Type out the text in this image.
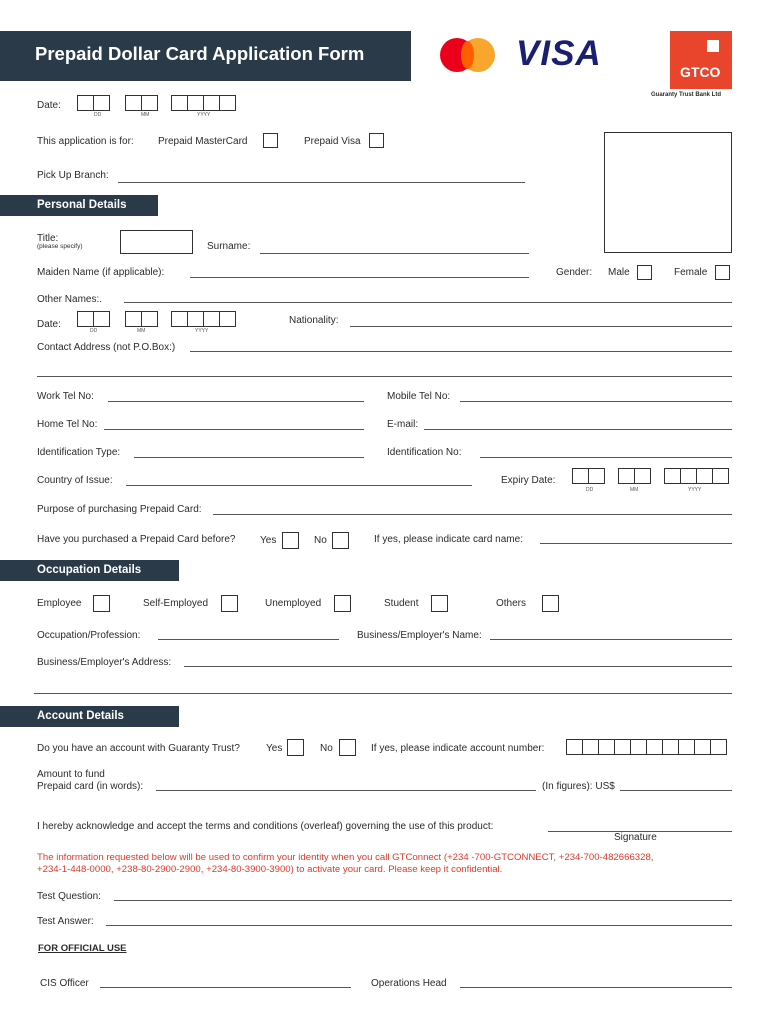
Prepaid Dollar Card Application Form	VISA	GTCO
Guaranty Trust Bank Ltd
Date:
DD	MM	YYYY
This application is for: Prepaid MasterCard	Prepaid Visa
Pick Up Branch:
Personal Details
Title:
(please specify)	Surname:
Maiden Name (if applicable):	Gender: Male	Female
Other Names:.
Date:
DD	MM	YYYY
Nationality:
Contact Address (not P.O.Box:)
Work Tel No:	Mobile Tel No:
Home Tel No:	E-mail:
Identification Type:	Identification No:
Country of Issue:	Expiry Date:
DD	MM	YYYY
Purpose of purchasing Prepaid Card:
Have you purchased a Prepaid Card before? Yes	No	If yes, please indicate card name:
Occupation Details
Employee	Self-Employed	Unemployed	Student	Others
Occupation/Profession:	Business/Employer's Name:
Business/Employer's Address:
Account Details
Do you have an account with Guaranty Trust?	Yes	No	If yes, please indicate account number:
Amount to fund
Prepaid card (in words):	(In figures): US$
I hereby acknowledge and accept the terms and conditions (overleaf) governing the use of this product:
Signature
The information requested below will be used to confirm your identity when you call GTConnect (+234 -700-GTCONNECT, +234-700-482666328,
+234-1-448-0000, +238-80-2900-2900, +234-80-3900-3900) to activate your card. Please keep it confidential.
Test Question:
Test Answer:
FOR OFFICIAL USE
CIS Officer	Operations Head
